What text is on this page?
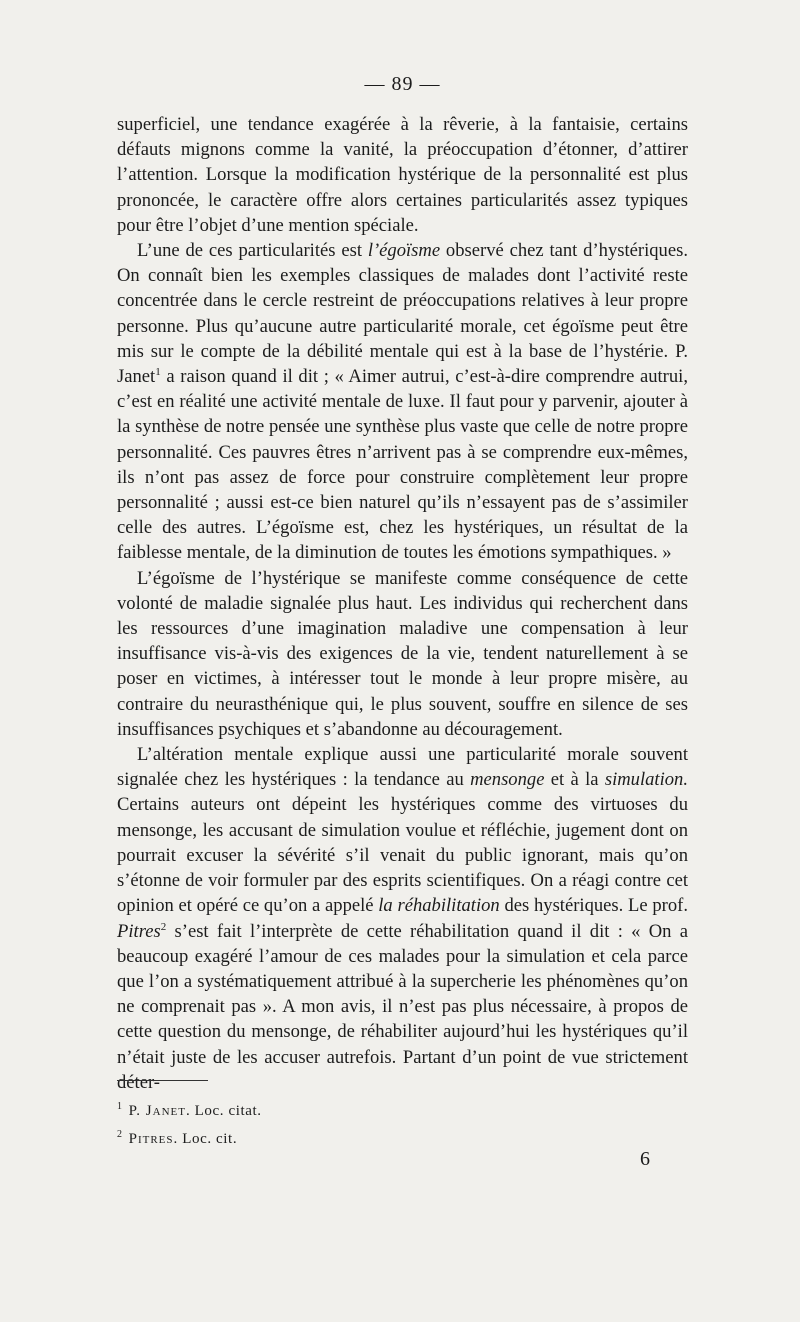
— 89 —

superficiel, une tendance exagérée à la rêverie, à la fantaisie, certains défauts mignons comme la vanité, la préoccupation d’étonner, d’attirer l’attention. Lorsque la modification hystérique de la personnalité est plus prononcée, le caractère offre alors certaines particularités assez typiques pour être l’objet d’une mention spéciale.

L’une de ces particularités est l’égoïsme observé chez tant d’hystériques. On connaît bien les exemples classiques de malades dont l’activité reste concentrée dans le cercle restreint de préoccupations relatives à leur propre personne. Plus qu’aucune autre particularité morale, cet égoïsme peut être mis sur le compte de la débilité mentale qui est à la base de l’hystérie. P. Janet$^1$ a raison quand il dit ; « Aimer autrui, c’est-à-dire comprendre autrui, c’est en réalité une activité mentale de luxe. Il faut pour y parvenir, ajouter à la synthèse de notre pensée une synthèse plus vaste que celle de notre propre personnalité. Ces pauvres êtres n’arrivent pas à se comprendre eux-mêmes, ils n’ont pas assez de force pour construire complètement leur propre personnalité ; aussi est-ce bien naturel qu’ils n’essayent pas de s’assimiler celle des autres. L’égoïsme est, chez les hystériques, un résultat de la faiblesse mentale, de la diminution de toutes les émotions sympathiques. »

L’égoïsme de l’hystérique se manifeste comme conséquence de cette volonté de maladie signalée plus haut. Les individus qui recherchent dans les ressources d’une imagination maladive une compensation à leur insuffisance vis-à-vis des exigences de la vie, tendent naturellement à se poser en victimes, à intéresser tout le monde à leur propre misère, au contraire du neurasthénique qui, le plus souvent, souffre en silence de ses insuffisances psychiques et s’abandonne au découragement.

L’altération mentale explique aussi une particularité morale souvent signalée chez les hystériques : la tendance au mensonge et à la simulation. Certains auteurs ont dépeint les hystériques comme des virtuoses du mensonge, les accusant de simulation voulue et réfléchie, jugement dont on pourrait excuser la sévérité s’il venait du public ignorant, mais qu’on s’étonne de voir formuler par des esprits scientifiques. On a réagi contre cet opinion et opéré ce qu’on a appelé la réhabilitation des hystériques. Le prof. Pitres$^2$ s’est fait l’interprète de cette réhabilitation quand il dit : « On a beaucoup exagéré l’amour de ces malades pour la simulation et cela parce que l’on a systématiquement attribué à la supercherie les phénomènes qu’on ne comprenait pas ». A mon avis, il n’est pas plus nécessaire, à propos de cette question du mensonge, de réhabiliter aujourd’hui les hystériques qu’il n’était juste de les accuser autrefois. Partant d’un point de vue strictement déter-

$^1$ P. Janet. Loc. citat.
$^2$ Pitres. Loc. cit.
6
